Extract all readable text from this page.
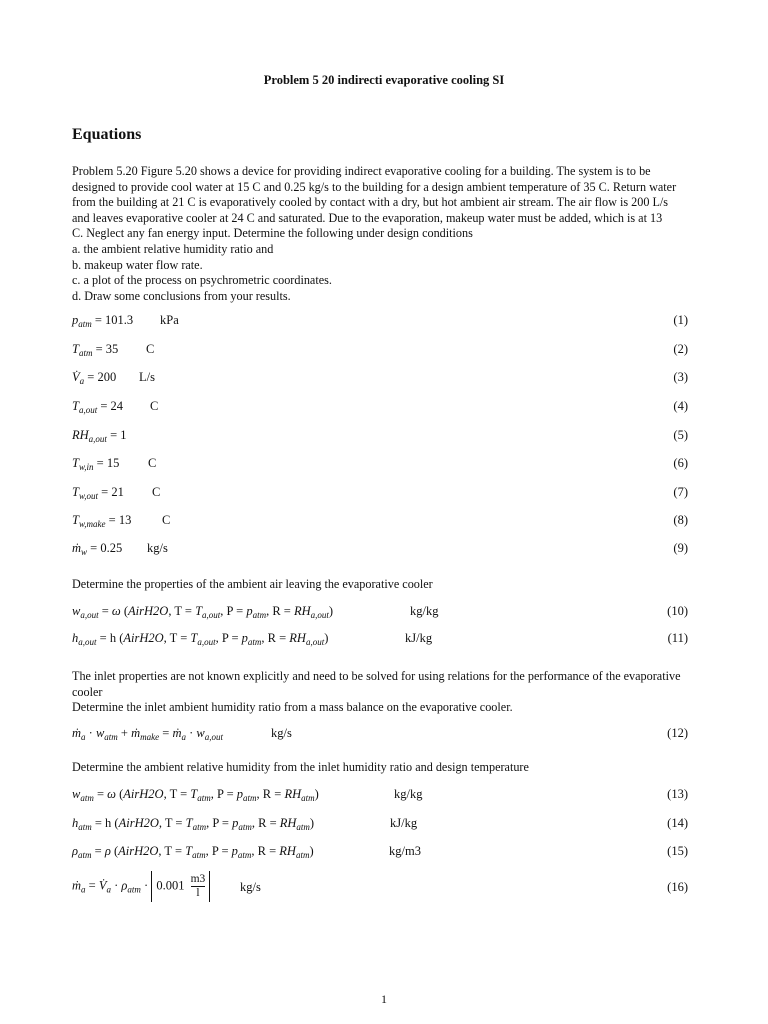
Problem 5 20 indirecti evaporative cooling SI
Equations
Problem 5.20 Figure 5.20 shows a device for providing indirect evaporative cooling for a building. The system is to be
designed to provide cool water at 15 C and 0.25 kg/s to the building for a design ambient temperature of 35 C. Return water
from the building at 21 C is evaporatively cooled by contact with a dry, but hot ambient air stream. The air flow is 200 L/s
and leaves evaporative cooler at 24 C and saturated. Due to the evaporation, makeup water must be added, which is at 13
C. Neglect any fan energy input. Determine the following under design conditions
a. the ambient relative humidity ratio and
b. makeup water flow rate.
c. a plot of the process on psychrometric coordinates.
d. Draw some conclusions from your results.
$p_{atm} = 101.3$ kPa	(1)
$T_{atm} = 35$ C	(2)
$V̇_a = 200$ L/s	(3)
$T_{a,out} = 24$ C	(4)
$RH_{a,out} = 1$	(5)
$T_{w,in} = 15$ C	(6)
$T_{w,out} = 21$ C	(7)
$T_{w,make} = 13$ C	(8)
$ṁ_w = 0.25$ kg/s	(9)
Determine the properties of the ambient air leaving the evaporative cooler
$w_{a,out} = \omega$ (AirH2O, $T = T_{a,out}$, $P = p_{atm}$, $R = RH_{a,out}$)	kg/kg	(10)
$h_{a,out} = h$ (AirH2O, $T = T_{a,out}$, $P = p_{atm}$, $R = RH_{a,out}$)	kJ/kg	(11)
The inlet properties are not known explicitly and need to be solved for using relations for the performance of the evaporative
cooler
Determine the inlet ambient humidity ratio from a mass balance on the evaporative cooler.
$ṁ_a \cdot w_{atm}$ + $ṁ_{make}$ = $ṁ_a \cdot w_{a,out}$	kg/s	(12)
Determine the ambient relative humidity from the inlet humidity ratio and design temperature
$w_{atm} = \omega$ (AirH2O, $T = T_{atm}$, $P = p_{atm}$, $R = RH_{atm}$)	kg/kg	(13)
$h_{atm} = h$ (AirH2O, $T = T_{atm}$, $P = p_{atm}$, $R = RH_{atm}$)	kJ/kg	(14)
$\rho_{atm} = \rho$ (AirH2O, $T = T_{atm}$, $P = p_{atm}$, $R = RH_{atm}$)	kg/m3	(15)
$ṁ_a$ = $V̇_a \cdot \rho_{atm} \cdot 0.001 \frac{m3}{l}$	kg/s	(16)
1
